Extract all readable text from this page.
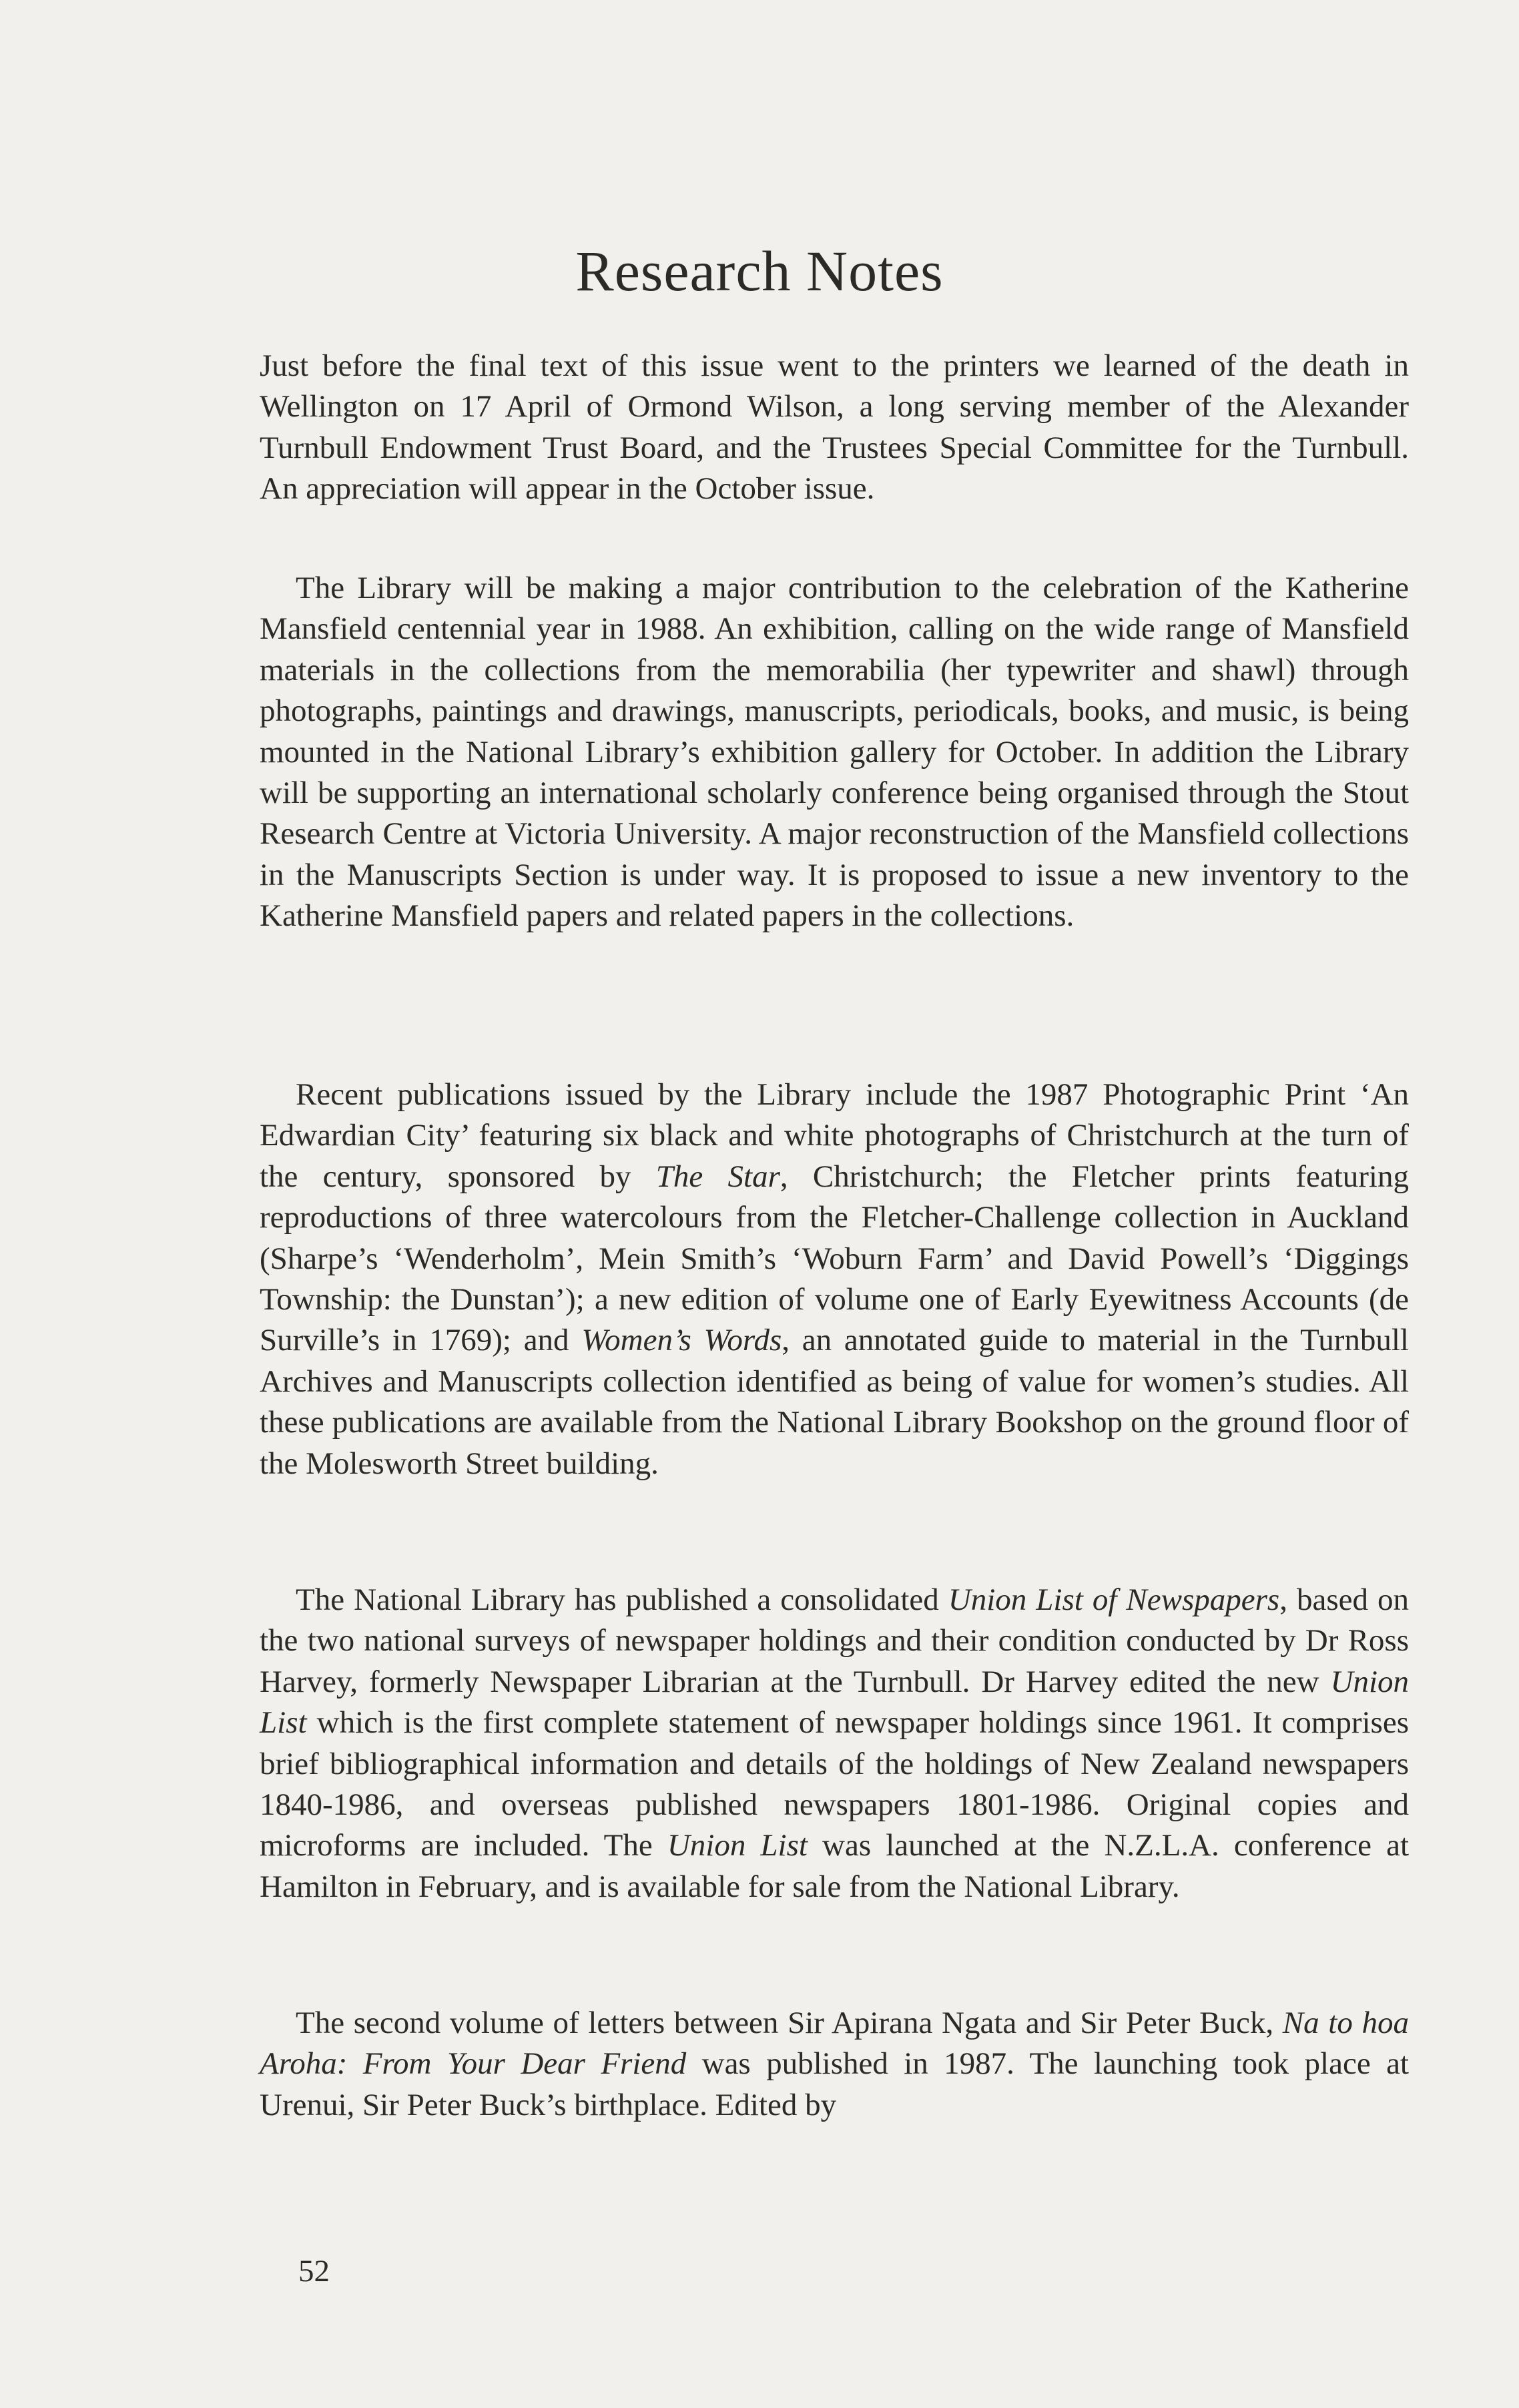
Research Notes

Just before the final text of this issue went to the printers we learned of the death in Wellington on 17 April of Ormond Wilson, a long serving member of the Alexander Turnbull Endowment Trust Board, and the Trustees Special Committee for the Turnbull. An appreciation will appear in the October issue.

The Library will be making a major contribution to the celebration of the Katherine Mansfield centennial year in 1988. An exhibition, calling on the wide range of Mansfield materials in the collections from the memorabilia (her typewriter and shawl) through photographs, paintings and drawings, manuscripts, periodicals, books, and music, is being mounted in the National Library’s exhibition gallery for October. In addition the Library will be supporting an international scholarly conference being organised through the Stout Research Centre at Victoria University. A major reconstruction of the Mansfield collections in the Manuscripts Section is under way. It is proposed to issue a new inventory to the Katherine Mansfield papers and related papers in the collections.

Recent publications issued by the Library include the 1987 Photographic Print ‘An Edwardian City’ featuring six black and white photographs of Christchurch at the turn of the century, sponsored by The Star, Christchurch; the Fletcher prints featuring reproductions of three watercolours from the Fletcher-Challenge collection in Auckland (Sharpe’s ‘Wenderholm’, Mein Smith’s ‘Woburn Farm’ and David Powell’s ‘Diggings Township: the Dunstan’); a new edition of volume one of Early Eyewitness Accounts (de Surville’s in 1769); and Women’s Words, an annotated guide to material in the Turnbull Archives and Manuscripts collection identified as being of value for women’s studies. All these publications are available from the National Library Bookshop on the ground floor of the Molesworth Street building.

The National Library has published a consolidated Union List of Newspapers, based on the two national surveys of newspaper holdings and their condition conducted by Dr Ross Harvey, formerly Newspaper Librarian at the Turnbull. Dr Harvey edited the new Union List which is the first complete statement of newspaper holdings since 1961. It comprises brief bibliographical information and details of the holdings of New Zealand newspapers 1840-1986, and overseas published newspapers 1801-1986. Original copies and microforms are included. The Union List was launched at the N.Z.L.A. conference at Hamilton in February, and is available for sale from the National Library.

The second volume of letters between Sir Apirana Ngata and Sir Peter Buck, Na to hoa Aroha: From Your Dear Friend was published in 1987. The launching took place at Urenui, Sir Peter Buck’s birthplace. Edited by

52
